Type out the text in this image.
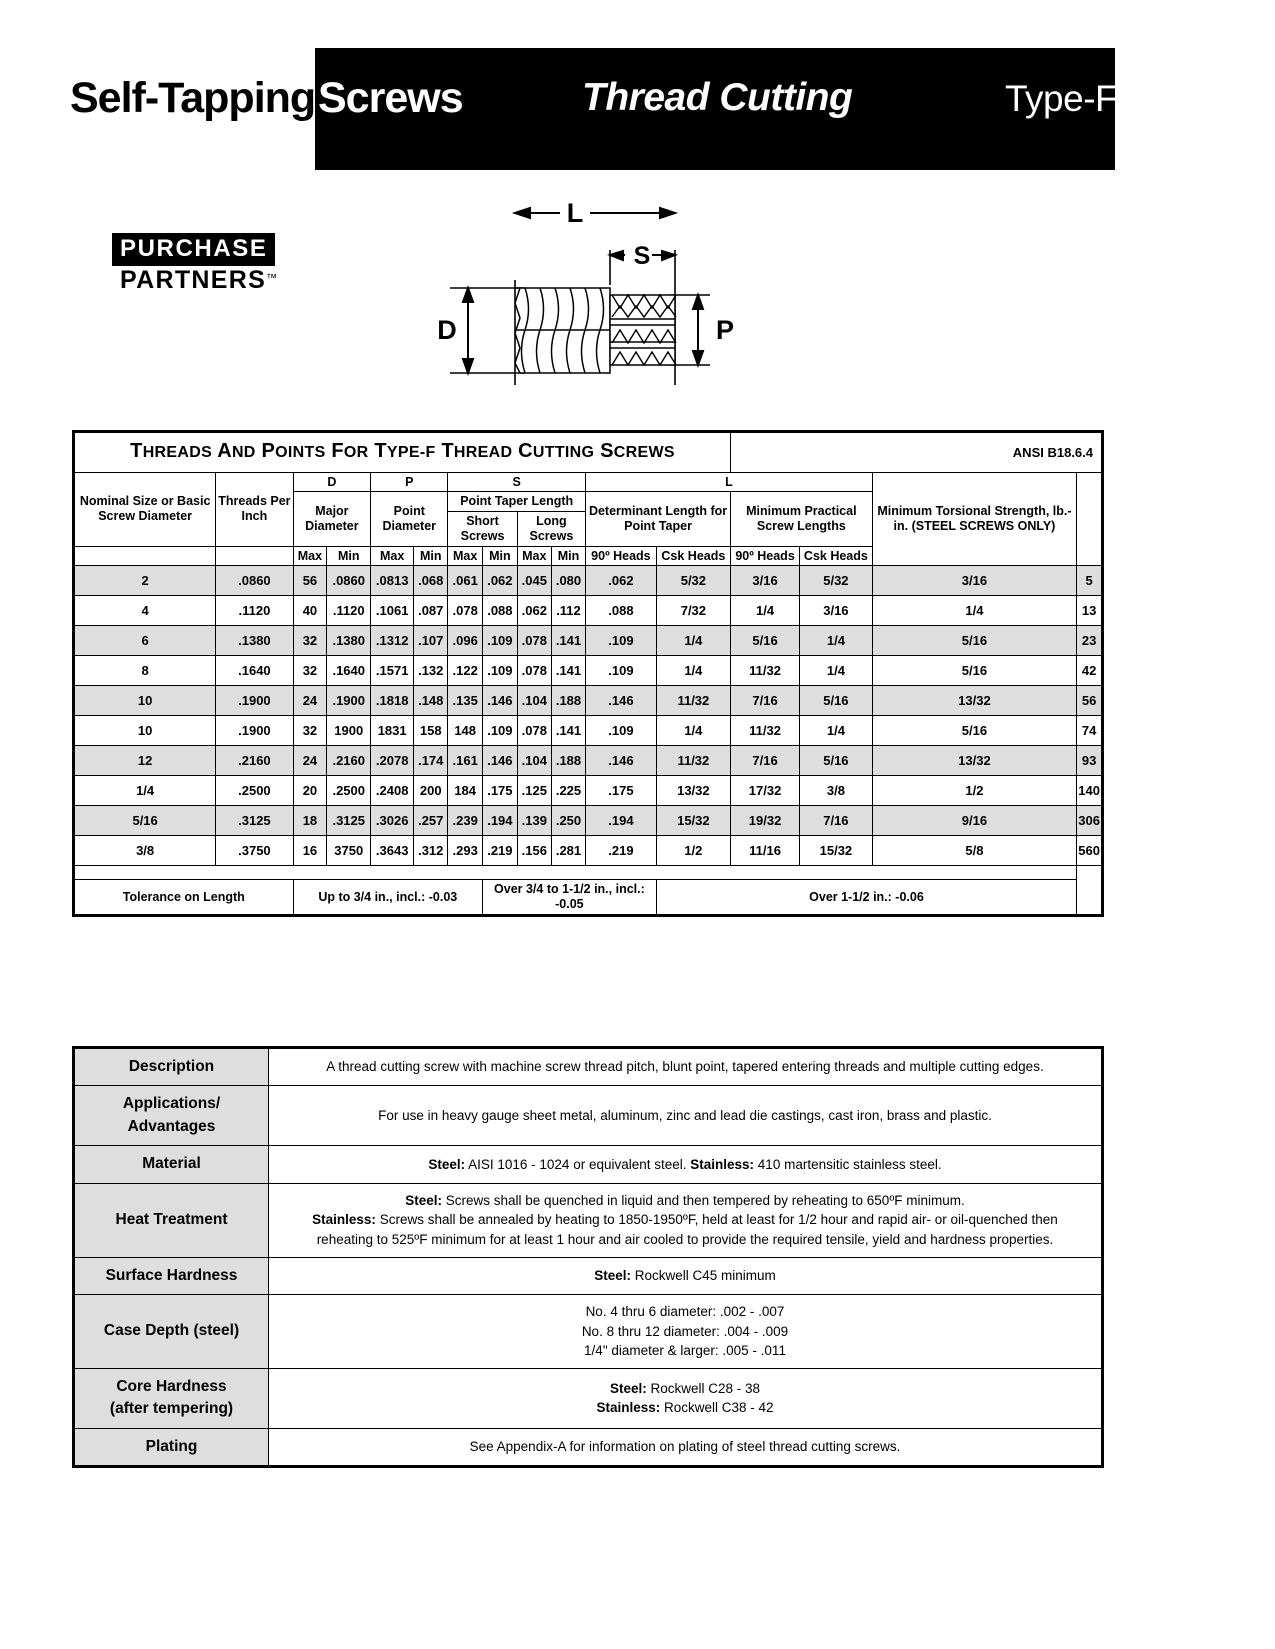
Self-Tapping Screws	Thread Cutting	Type-F
PURCHASE
PARTNERS™
L
S
D	P
THREADS AND POINTS FOR TYPE-F THREAD CUTTING SCREWS												ANSI B18.6.4			
Nominal Size or Basic Screw Diameter	Threads Per Inch	D		P		S				L				Minimum Torsional Strength, lb.-in. (STEEL SCREWS ONLY)	
		Major Diameter		Point Diameter		Point Taper Length				Determinant Length for Point Taper		Minimum Practical Screw Lengths			
						Short Screws		Long Screws							
		Max	Min	Max	Min	Max	Min	Max	Min	90º Heads	Csk Heads	90º Heads	Csk Heads		
2	.0860	56	.0860	.0813	.068	.061	.062	.045	.080	.062	5/32	3/16	5/32	3/16	5
4	.1120	40	.1120	.1061	.087	.078	.088	.062	.112	.088	7/32	1/4	3/16	1/4	13
6	.1380	32	.1380	.1312	.107	.096	.109	.078	.141	.109	1/4	5/16	1/4	5/16	23
8	.1640	32	.1640	.1571	.132	.122	.109	.078	.141	.109	1/4	11/32	1/4	5/16	42
10	.1900	24	.1900	.1818	.148	.135	.146	.104	.188	.146	11/32	7/16	5/16	13/32	56
10	.1900	32	1900	1831	158	148	.109	.078	.141	.109	1/4	11/32	1/4	5/16	74
12	.2160	24	.2160	.2078	.174	.161	.146	.104	.188	.146	11/32	7/16	5/16	13/32	93
1/4	.2500	20	.2500	.2408	200	184	.175	.125	.225	.175	13/32	17/32	3/8	1/2	140
5/16	.3125	18	.3125	.3026	.257	.239	.194	.139	.250	.194	15/32	19/32	7/16	9/16	306
3/8	.3750	16	3750	.3643	.312	.293	.219	.156	.281	.219	1/2	11/16	15/32	5/8	560

Tolerance on Length		Up to 3/4 in., incl.: -0.03					Over 3/4 to 1-1/2 in., incl.: -0.05				Over 1-1/2 in.: -0.06				
Description	A thread cutting screw with machine screw thread pitch, blunt point, tapered entering threads and multiple cutting edges.
Applications/
Advantages	For use in heavy gauge sheet metal, aluminum, zinc and lead die castings, cast iron, brass and plastic.
Material	Steel: AISI 1016 - 1024 or equivalent steel. Stainless: 410 martensitic stainless steel.
Heat Treatment	Steel: Screws shall be quenched in liquid and then tempered by reheating to 650ºF minimum.
Stainless: Screws shall be annealed by heating to 1850-1950ºF, held at least for 1/2 hour and rapid air- or oil-quenched then
reheating to 525ºF minimum for at least 1 hour and air cooled to provide the required tensile, yield and hardness properties.
Surface Hardness	Steel: Rockwell C45 minimum
Case Depth (steel)	No. 4 thru 6 diameter: .002 - .007
No. 8 thru 12 diameter: .004 - .009
1/4" diameter & larger: .005 - .011
Core Hardness
(after tempering)	Steel: Rockwell C28 - 38
Stainless: Rockwell C38 - 42
Plating	See Appendix-A for information on plating of steel thread cutting screws.
